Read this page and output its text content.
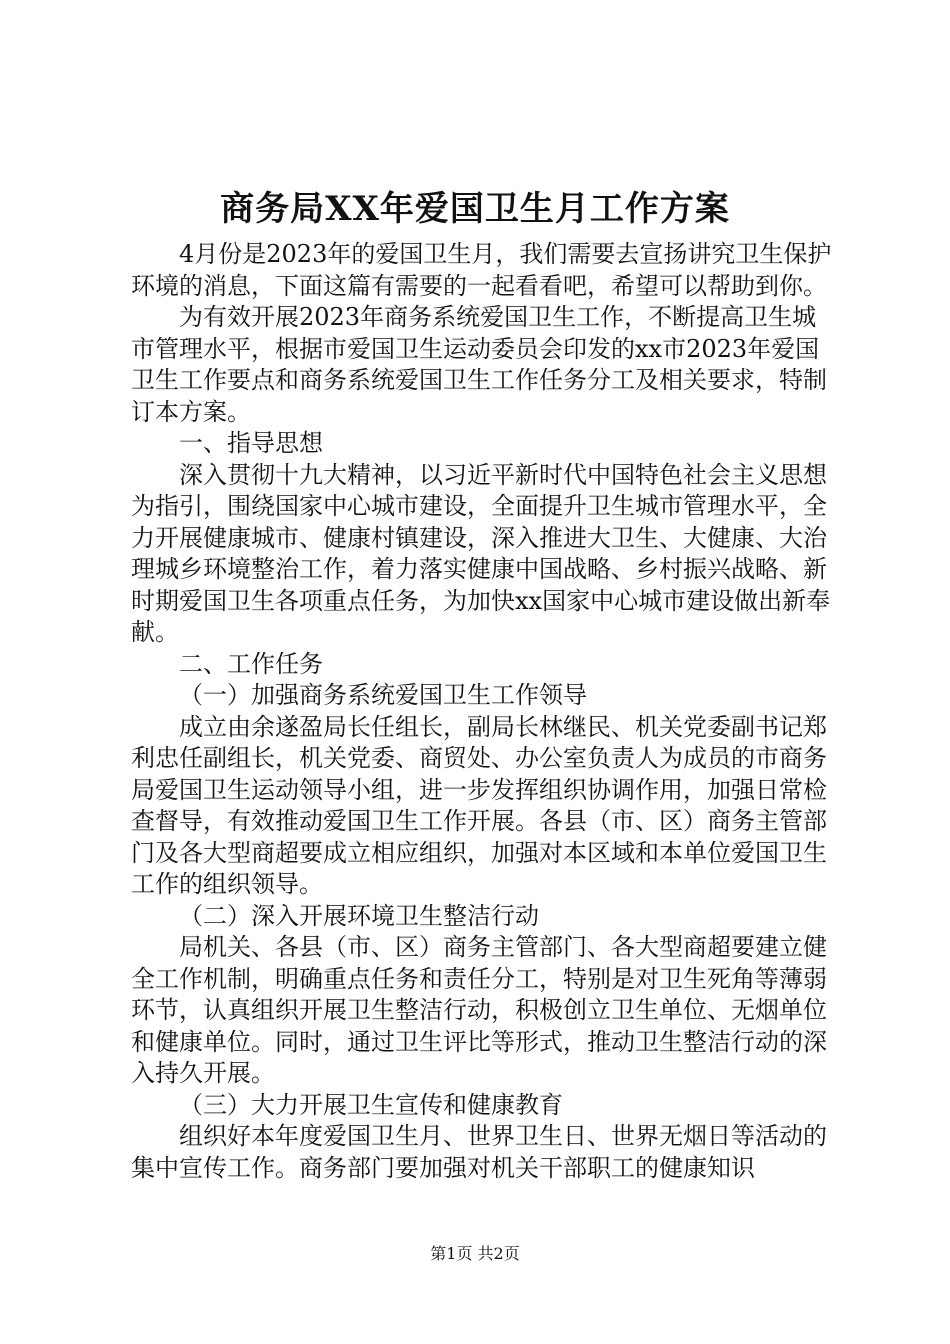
商务局XX年爱国卫生月工作方案

4月份是2023年的爱国卫生月，我们需要去宣扬讲究卫生保护环境的消息，下面这篇有需要的一起看看吧，希望可以帮助到你。

为有效开展2023年商务系统爱国卫生工作，不断提高卫生城市管理水平，根据市爱国卫生运动委员会印发的xx市2023年爱国卫生工作要点和商务系统爱国卫生工作任务分工及相关要求，特制订本方案。

一、指导思想

深入贯彻十九大精神，以习近平新时代中国特色社会主义思想为指引，围绕国家中心城市建设，全面提升卫生城市管理水平，全力开展健康城市、健康村镇建设，深入推进大卫生、大健康、大治理城乡环境整治工作，着力落实健康中国战略、乡村振兴战略、新时期爱国卫生各项重点任务，为加快xx国家中心城市建设做出新奉献。

二、工作任务

（一）加强商务系统爱国卫生工作领导

成立由余遂盈局长任组长，副局长林继民、机关党委副书记郑利忠任副组长，机关党委、商贸处、办公室负责人为成员的市商务局爱国卫生运动领导小组，进一步发挥组织协调作用，加强日常检查督导，有效推动爱国卫生工作开展。各县（市、区）商务主管部门及各大型商超要成立相应组织，加强对本区域和本单位爱国卫生工作的组织领导。

（二）深入开展环境卫生整洁行动

局机关、各县（市、区）商务主管部门、各大型商超要建立健全工作机制，明确重点任务和责任分工，特别是对卫生死角等薄弱环节，认真组织开展卫生整洁行动，积极创立卫生单位、无烟单位和健康单位。同时，通过卫生评比等形式，推动卫生整洁行动的深入持久开展。

（三）大力开展卫生宣传和健康教育

组织好本年度爱国卫生月、世界卫生日、世界无烟日等活动的集中宣传工作。商务部门要加强对机关干部职工的健康知识

第1页 共2页
